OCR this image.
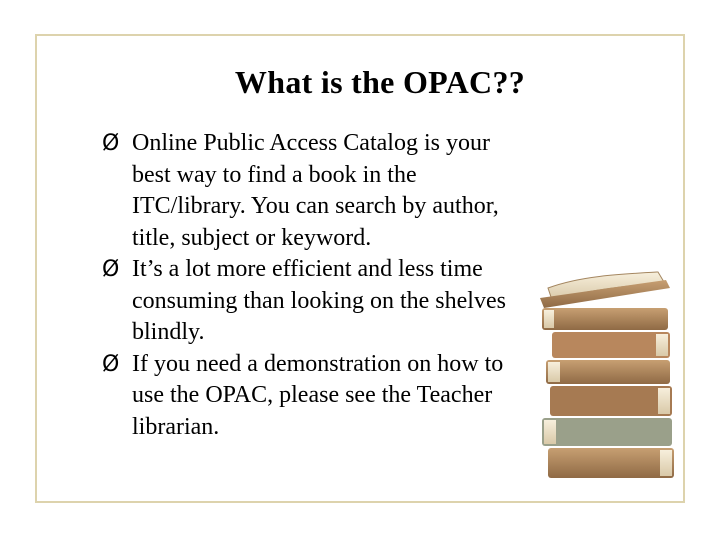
What is the OPAC??
Ø Online Public Access Catalog is your best way to find a book in the ITC/library. You can search by author, title, subject or keyword.
Ø It’s a lot more efficient and less time consuming than looking on the shelves blindly.
Ø If you need a demonstration on how to use the OPAC, please see the Teacher librarian.
